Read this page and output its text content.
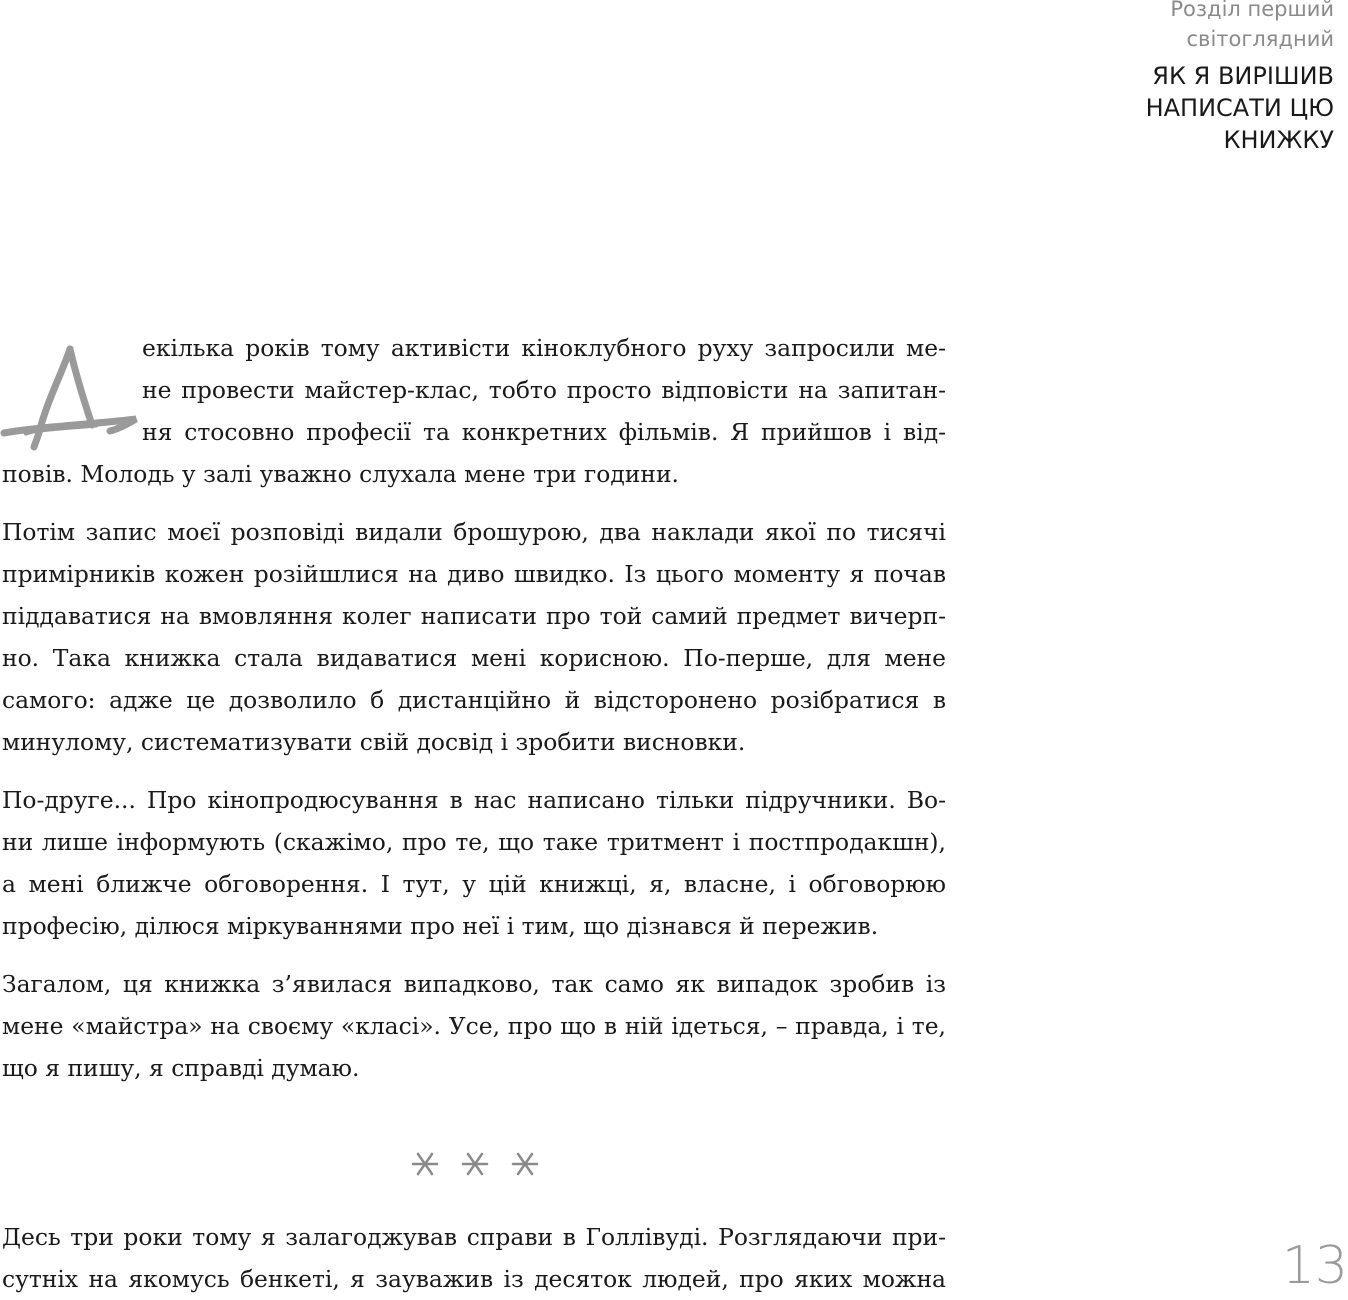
Розділ перший
світоглядний
ЯК Я ВИРІШИВ
НАПИСАТИ ЦЮ
КНИЖКУ

екілька років тому активісти кіноклубного руху запросили ме-
не провести майстер-клас, тобто просто відповісти на запитан-
ня стосовно професії та конкретних фільмів. Я прийшов і від-
повів. Молодь у залі уважно слухала мене три години.

Потім запис моєї розповіді видали брошурою, два наклади якої по тисячі
примірників кожен розійшлися на диво швидко. Із цього моменту я почав
піддаватися на вмовляння колег написати про той самий предмет вичерп-
но. Така книжка стала видаватися мені корисною. По-перше, для мене
самого: адже це дозволило б дистанційно й відсторонено розібратися в
минулому, систематизувати свій досвід і зробити висновки.

По-друге... Про кінопродюсування в нас написано тільки підручники. Во-
ни лише інформують (скажімо, про те, що таке тритмент і постпродакшн),
а мені ближче обговорення. І тут, у цій книжці, я, власне, і обговорюю
професію, ділюся міркуваннями про неї і тим, що дізнався й пережив.

Загалом, ця книжка з’явилася випадково, так само як випадок зробив із
мене «майстра» на своєму «класі». Усе, про що в ній ідеться, – правда, і те,
що я пишу, я справді думаю.

Десь три роки тому я залагоджував справи в Голлівуді. Розглядаючи при-
сутніх на якомусь бенкеті, я зауважив із десяток людей, про яких можна	13
